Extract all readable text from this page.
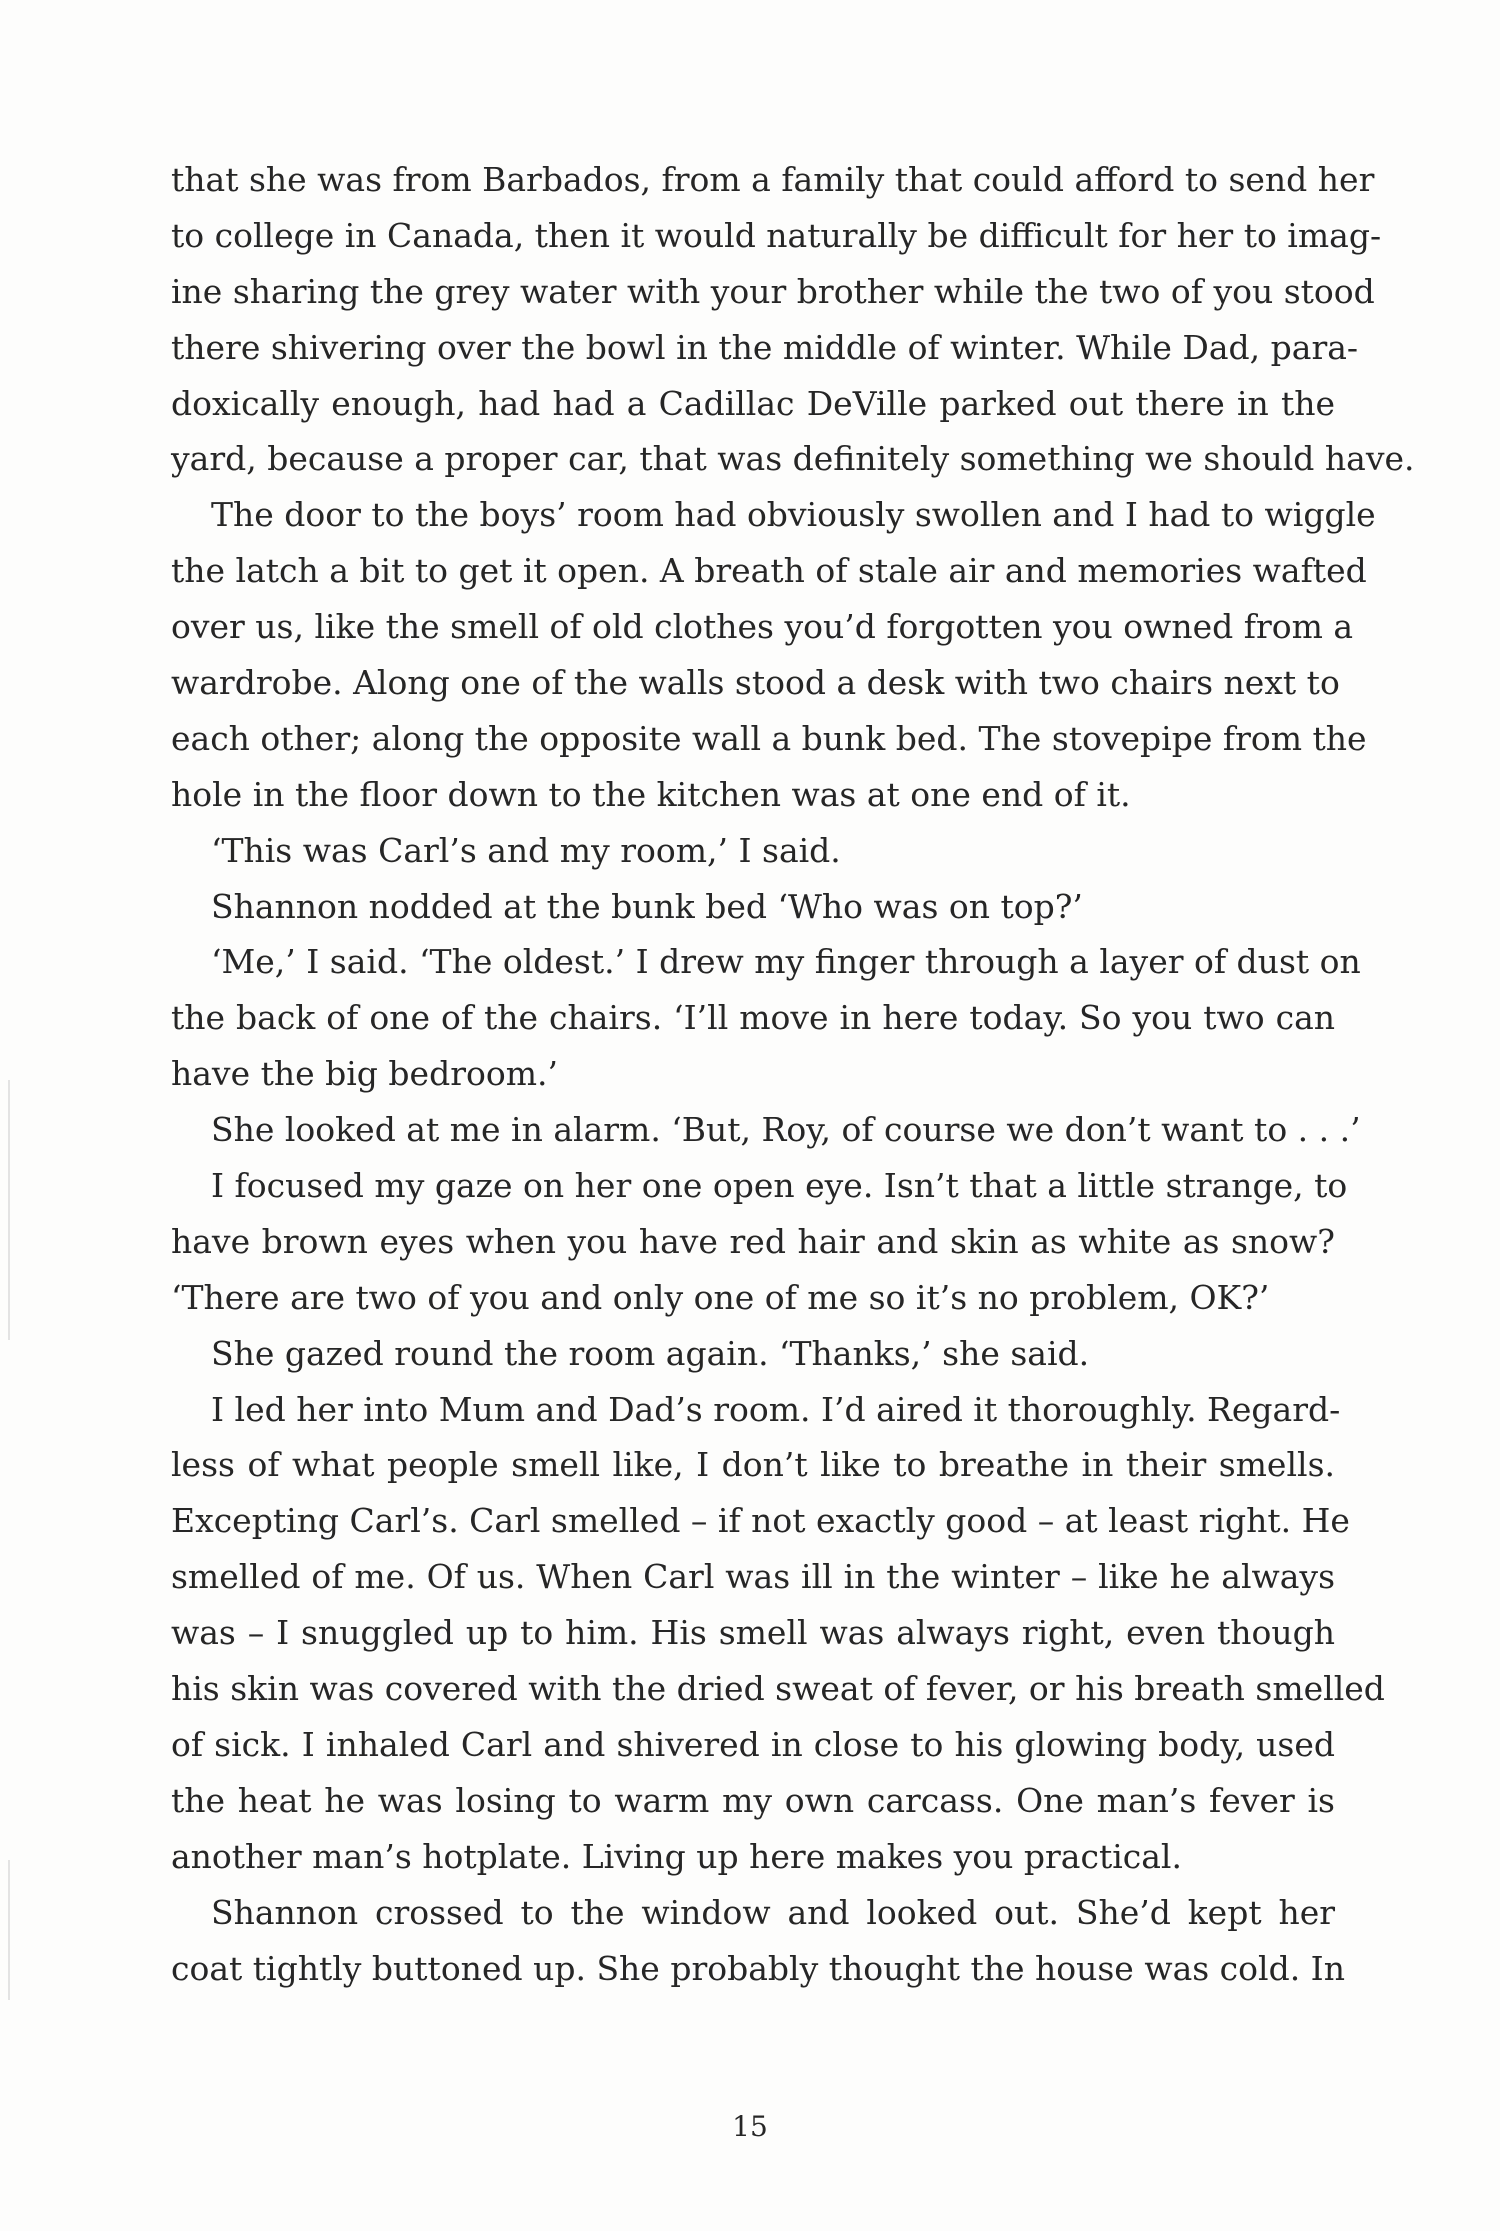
that she was from Barbados, from a family that could afford to send her
to college in Canada, then it would naturally be difficult for her to imag-
ine sharing the grey water with your brother while the two of you stood
there shivering over the bowl in the middle of winter. While Dad, para-
doxically enough, had had a Cadillac DeVille parked out there in the
yard, because a proper car, that was definitely something we should have.
The door to the boys’ room had obviously swollen and I had to wiggle
the latch a bit to get it open. A breath of stale air and memories wafted
over us, like the smell of old clothes you’d forgotten you owned from a
wardrobe. Along one of the walls stood a desk with two chairs next to
each other; along the opposite wall a bunk bed. The stovepipe from the
hole in the floor down to the kitchen was at one end of it.
‘This was Carl’s and my room,’ I said.
Shannon nodded at the bunk bed ‘Who was on top?’
‘Me,’ I said. ‘The oldest.’ I drew my finger through a layer of dust on
the back of one of the chairs. ‘I’ll move in here today. So you two can
have the big bedroom.’
She looked at me in alarm. ‘But, Roy, of course we don’t want to . . .’
I focused my gaze on her one open eye. Isn’t that a little strange, to
have brown eyes when you have red hair and skin as white as snow?
‘There are two of you and only one of me so it’s no problem, OK?’
She gazed round the room again. ‘Thanks,’ she said.
I led her into Mum and Dad’s room. I’d aired it thoroughly. Regard-
less of what people smell like, I don’t like to breathe in their smells.
Excepting Carl’s. Carl smelled – if not exactly good – at least right. He
smelled of me. Of us. When Carl was ill in the winter – like he always
was – I snuggled up to him. His smell was always right, even though
his skin was covered with the dried sweat of fever, or his breath smelled
of sick. I inhaled Carl and shivered in close to his glowing body, used
the heat he was losing to warm my own carcass. One man’s fever is
another man’s hotplate. Living up here makes you practical.
Shannon crossed to the window and looked out. She’d kept her
coat tightly buttoned up. She probably thought the house was cold. In
15
